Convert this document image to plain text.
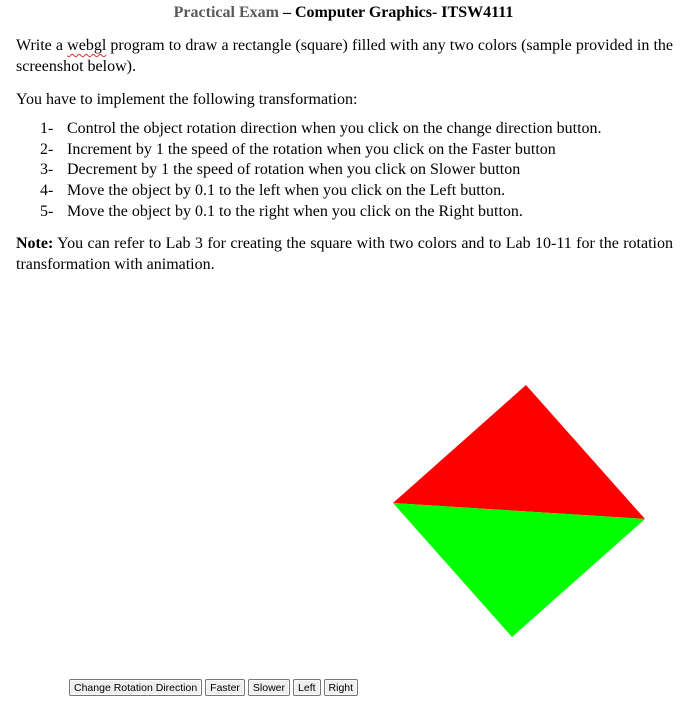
Practical Exam – Computer Graphics- ITSW4111
Write a webgl program to draw a rectangle (square) filled with any two colors (sample provided in the screenshot below).
You have to implement the following transformation:
1- Control the object rotation direction when you click on the change direction button.
2- Increment by 1 the speed of the rotation when you click on the Faster button
3- Decrement by 1 the speed of rotation when you click on Slower button
4- Move the object by 0.1 to the left when you click on the Left button.
5- Move the object by 0.1 to the right when you click on the Right button.
Note: You can refer to Lab 3 for creating the square with two colors and to Lab 10-11 for the rotation transformation with animation.
Change Rotation Direction	Faster	Slower	Left	Right
